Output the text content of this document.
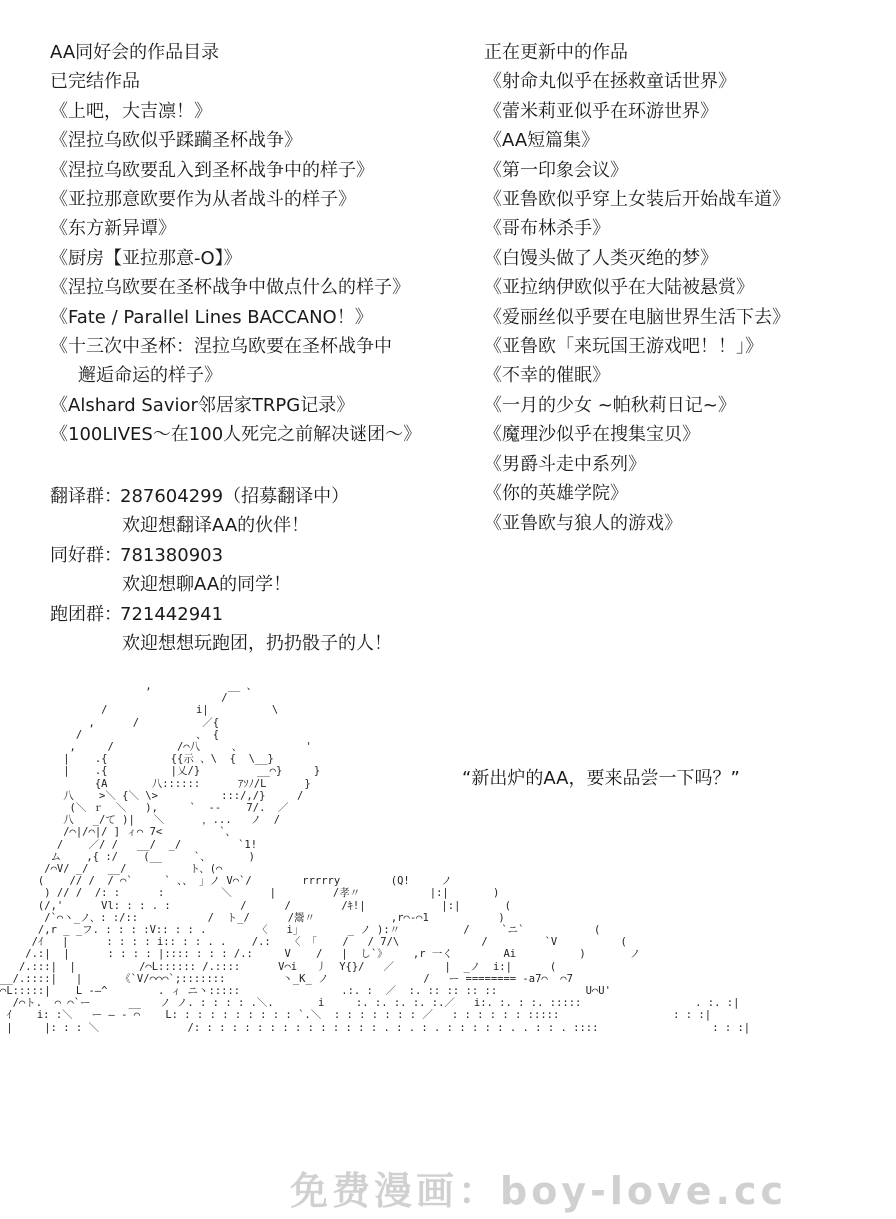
AA同好会的作品目录
已完结作品
《上吧，大吉凛！》
《涅拉乌欧似乎蹂躏圣杯战争》
《涅拉乌欧要乱入到圣杯战争中的样子》
《亚拉那意欧要作为从者战斗的样子》
《东方新异谭》
《厨房【亚拉那意-O】》
《涅拉乌欧要在圣杯战争中做点什么的样子》
《Fate / Parallel Lines BACCANO！》
《十三次中圣杯：涅拉乌欧要在圣杯战争中
邂逅命运的样子》
《Alshard Savior邻居家TRPG记录》
《100LIVES～在100人死完之前解决谜团～》
正在更新中的作品
《射命丸似乎在拯救童话世界》
《蕾米莉亚似乎在环游世界》
《AA短篇集》
《第一印象会议》
《亚鲁欧似乎穿上女装后开始战车道》
《哥布林杀手》
《白馒头做了人类灭绝的梦》
《亚拉纳伊欧似乎在大陆被悬赏》
《爱丽丝似乎要在电脑世界生活下去》
《亚鲁欧「来玩国王游戏吧！！」》
《不幸的催眠》
《一月的少女 ~帕秋莉日记~》
《魔理沙似乎在搜集宝贝》
《男爵斗走中系列》
《你的英雄学院》
《亚鲁欧与狼人的游戏》
翻译群：
287604299（招募翻译中）
欢迎想翻译AA的伙伴！
同好群：
781380903
欢迎想聊AA的同学！
跑团群：
721442941
欢迎想想玩跑团，扔扔骰子的人！
,            __ 、
/
/              i|          \
,      /          ／{
/                  、 {
,     /          /⌒八     、          '
|    .{          {{示 、\  {  \__}
|    .{          |乂/}         __⌒}     }
{A       八::::::      ｱｿﾉ/L      }
八    >＼ {＼ \>          :::/,/}     /
(＼ ｒ  ＼   ),     `  --    7/.  ／
八   _/て )|   ＼      ，...   ノ  /
/⌒|/⌒|/ ] ィ⌒ 7<         `、
/    ／/ /   __/  _/         `1!
ム    ,{ :/    (__     `、      )
/⌒V/ _/   __/          ト、(⌒
(    // /  / ⌒`     ` 、、 」ノ V⌒`/        rrrrry        (Q!     ノ
) // /  /: :      :         ＼      |         /孝〃           |:|       )
(/,'      Vl: : : . :           /      /        /ｷ!|            |:|       (
/`⌒丶_ノ、: :/::           /  ト_/      /鬶〃            ,r⌒-⌒1           )
/,r _ _フ. : : : :V:: : : .        〈   i」       _ ノ ):〃          /     `ニ`           (
/ｲ   |      : : : : i:: : : . .    /.:   〈 「    /   / 7/\             /         `V          (
/.:|  |      : : : : |:::: : : : /.:     V    /   |  し`》    ,r 一く        Ai          )       ノ
/.:::|  |          /⌒L:::::: /.::::      V⌒i   丿  Y{}/   ／        |  _ノ  i:|      (
__/.::::|   |      《`V/⌒⌒⌒`;:::::::         丶_K_ ノ               /   ー ======== -a7⌒  ⌒7
⌒L:::::|    L -―^        . ィ ニ丶:::::                .:. :  ／  :. :: :: :: ::              U⌒U'
/⌒ト.  ⌒ ⌒`ー      __   ノ ノ. : : : : .＼.       i     :. :. :. :. :.／   i:. :. : :. :::::                  . :. :|
ｲ    i: :＼   ー ― ‐ ⌒    L: : : : : : : : : : `.＼  : : : : : : : ／   : : : : : : :::::                  : : :|
|     |: : : ＼              /: : : : : : : : : : : : : : : . : . : . : : : : : . . : : . ::::                  : : :|
“新出炉的AA，要来品尝一下吗？”
免费漫画：boy-love.cc
